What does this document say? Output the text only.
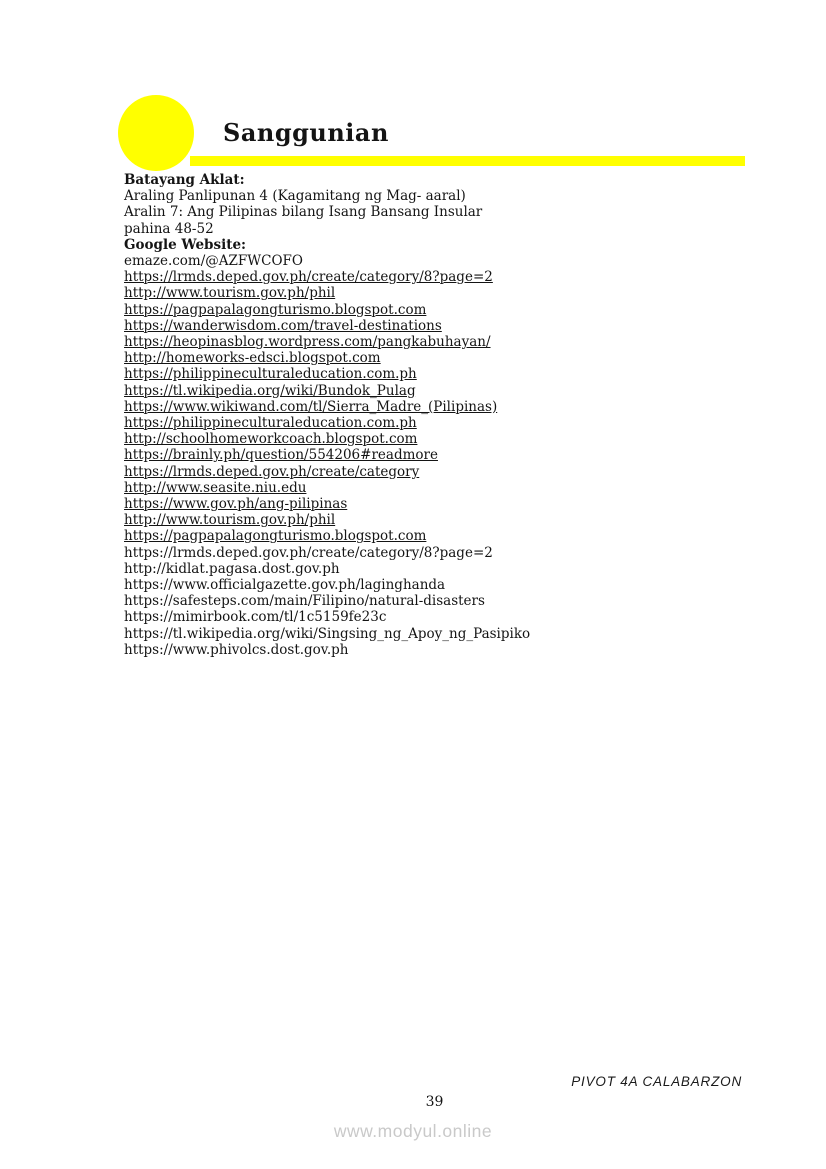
Sanggunian
Batayang Aklat:
Araling Panlipunan 4 (Kagamitang ng Mag- aaral)
Aralin 7: Ang Pilipinas bilang Isang Bansang Insular
pahina 48-52
Google Website:
emaze.com/@AZFWCOFO
https://lrmds.deped.gov.ph/create/category/8?page=2
http://www.tourism.gov.ph/phil
https://pagpapalagongturismo.blogspot.com
https://wanderwisdom.com/travel-destinations
https://heopinasblog.wordpress.com/pangkabuhayan/
http://homeworks-edsci.blogspot.com
https://philippineculturaleducation.com.ph
https://tl.wikipedia.org/wiki/Bundok_Pulag
https://www.wikiwand.com/tl/Sierra_Madre_(Pilipinas)
https://philippineculturaleducation.com.ph
http://schoolhomeworkcoach.blogspot.com
https://brainly.ph/question/554206#readmore
https://lrmds.deped.gov.ph/create/category
http://www.seasite.niu.edu
https://www.gov.ph/ang-pilipinas
http://www.tourism.gov.ph/phil
https://pagpapalagongturismo.blogspot.com
https://lrmds.deped.gov.ph/create/category/8?page=2
http://kidlat.pagasa.dost.gov.ph
https://www.officialgazette.gov.ph/laginghanda
https://safesteps.com/main/Filipino/natural-disasters
https://mimirbook.com/tl/1c5159fe23c
https://tl.wikipedia.org/wiki/Singsing_ng_Apoy_ng_Pasipiko
https://www.phivolcs.dost.gov.ph
PIVOT 4A CALABARZON
39
www.modyul.online
